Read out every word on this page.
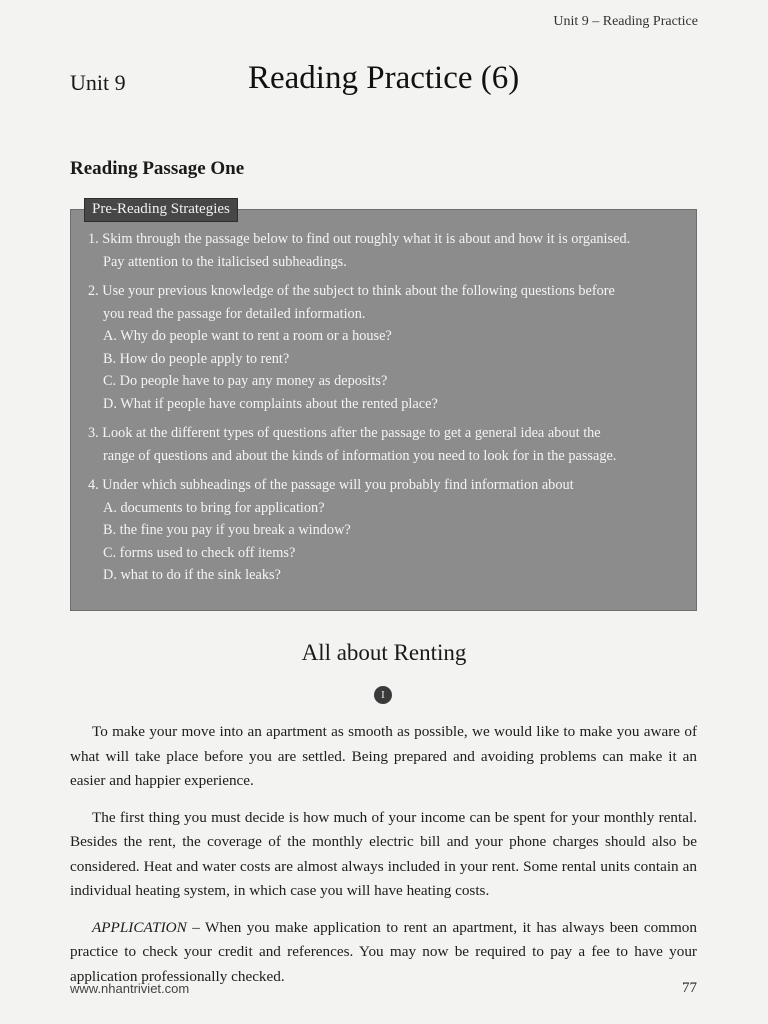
Unit 9 – Reading Practice
Unit 9	Reading Practice (6)
Reading Passage One
Pre-Reading Strategies
1. Skim through the passage below to find out roughly what it is about and how it is organised.
Pay attention to the italicised subheadings.
2. Use your previous knowledge of the subject to think about the following questions before
you read the passage for detailed information.
A. Why do people want to rent a room or a house?
B. How do people apply to rent?
C. Do people have to pay any money as deposits?
D. What if people have complaints about the rented place?
3. Look at the different types of questions after the passage to get a general idea about the
range of questions and about the kinds of information you need to look for in the passage.
4. Under which subheadings of the passage will you probably find information about
A. documents to bring for application?
B. the fine you pay if you break a window?
C. forms used to check off items?
D. what to do if the sink leaks?
All about Renting
I

To make your move into an apartment as smooth as possible, we would like to make you aware of what will take place before you are settled. Being prepared and avoiding problems can make it an easier and happier experience.

The first thing you must decide is how much of your income can be spent for your monthly rental. Besides the rent, the coverage of the monthly electric bill and your phone charges should also be considered. Heat and water costs are almost always included in your rent. Some rental units contain an individual heating system, in which case you will have heating costs.

APPLICATION – When you make application to rent an apartment, it has always been common practice to check your credit and references. You may now be required to pay a fee to have your application professionally checked.

www.nhantriviet.com	77
